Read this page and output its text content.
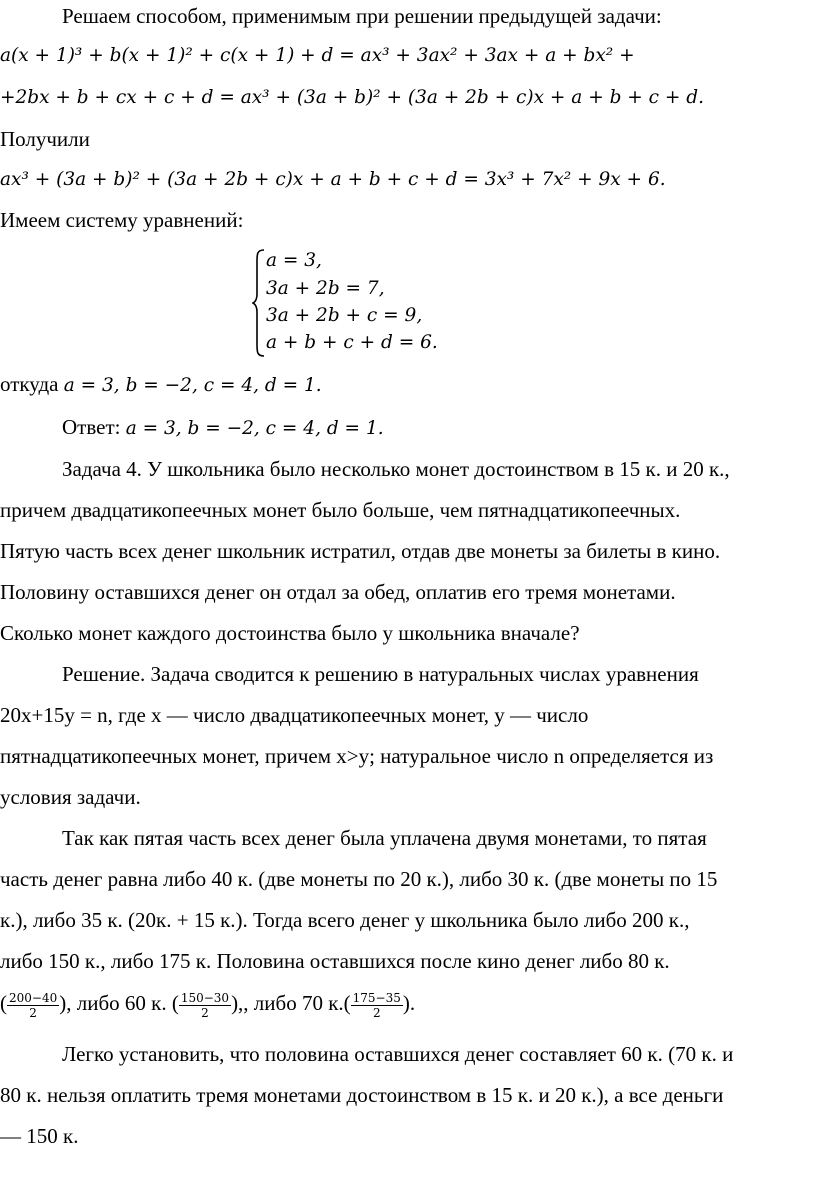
Решаем способом, применимым при решении предыдущей задачи:
a(x + 1)³ + b(x + 1)² + c(x + 1) + d = ax³ + 3ax² + 3ax + a + bx² +
+2bx + b + cx + c + d = ax³ + (3a + b)² + (3a + 2b + c)x + a + b + c + d.
Получили
ax³ + (3a + b)² + (3a + 2b + c)x + a + b + c + d = 3x³ + 7x² + 9x + 6.
Имеем систему уравнений:
a = 3,
3a + 2b = 7,
3a + 2b + c = 9,
a + b + c + d = 6.
откуда a = 3, b = −2, c = 4, d = 1.
Ответ: a = 3, b = −2, c = 4, d = 1.
Задача 4. У школьника было несколько монет достоинством в 15 к. и 20 к.,
причем двадцатикопеечных монет было больше, чем пятнадцатикопеечных.
Пятую часть всех денег школьник истратил, отдав две монеты за билеты в кино.
Половину оставшихся денег он отдал за обед, оплатив его тремя монетами.
Сколько монет каждого достоинства было у школьника вначале?
Решение. Задача сводится к решению в натуральных числах уравнения
20x+15y = n, где x — число двадцатикопеечных монет, y — число
пятнадцатикопеечных монет, причем x>y; натуральное число n определяется из
условия задачи.
Так как пятая часть всех денег была уплачена двумя монетами, то пятая
часть денег равна либо 40 к. (две монеты по 20 к.), либо 30 к. (две монеты по 15
к.), либо 35 к. (20к. + 15 к.). Тогда всего денег у школьника было либо 200 к.,
либо 150 к., либо 175 к. Половина оставшихся после кино денег либо 80 к.
( $\frac{200-40}{2}$ ), либо 60 к. ( $\frac{150-30}{2}$ ),, либо 70 $к.( \frac{175-35}{2}$ ).
Легко установить, что половина оставшихся денег составляет 60 к. (70 к. и
80 к. нельзя оплатить тремя монетами достоинством в 15 к. и 20 к.), а все деньги
— 150 к.
